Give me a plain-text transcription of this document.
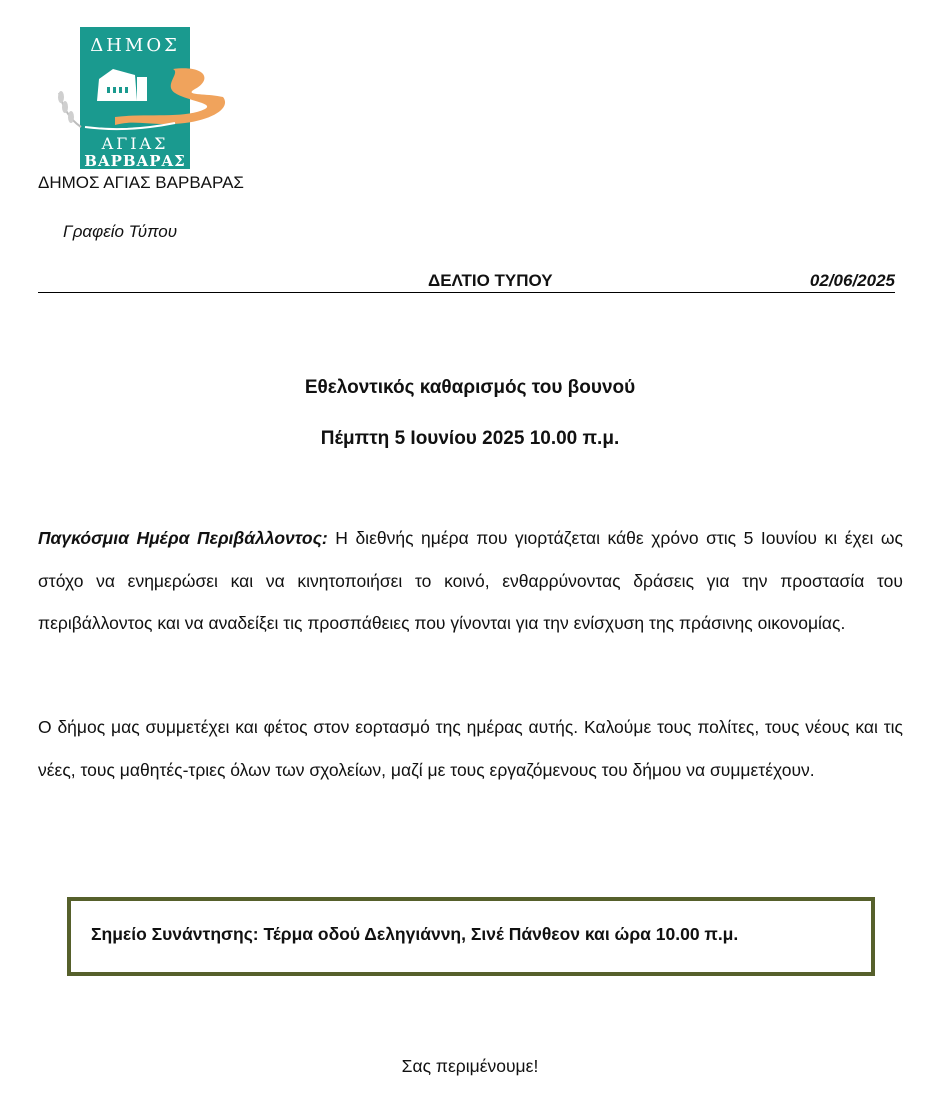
ΔΗΜΟΣ
ΑΓΙΑΣ
ΒΑΡΒΑΡΑΣ
ΔΗΜΟΣ ΑΓΙΑΣ ΒΑΡΒΑΡΑΣ
Γραφείο Τύπου
ΔΕΛΤΙΟ ΤΥΠΟΥ	02/06/2025
Εθελοντικός καθαρισμός του βουνού
Πέμπτη 5 Ιουνίου 2025 10.00 π.μ.

Παγκόσμια Ημέρα Περιβάλλοντος: Η διεθνής ημέρα που γιορτάζεται κάθε χρόνο στις 5 Ιουνίου κι έχει ως στόχο να ενημερώσει και να κινητοποιήσει το κοινό, ενθαρρύνοντας δράσεις για την προστασία του περιβάλλοντος και να αναδείξει τις προσπάθειες που γίνονται για την ενίσχυση της πράσινης οικονομίας.

Ο δήμος μας συμμετέχει και φέτος στον εορτασμό της ημέρας αυτής. Καλούμε τους πολίτες, τους νέους και τις νέες, τους μαθητές-τριες όλων των σχολείων, μαζί με τους εργαζόμενους του δήμου να συμμετέχουν.

Σημείο Συνάντησης: Τέρμα οδού Δεληγιάννη, Σινέ Πάνθεον και ώρα 10.00 π.μ.
Σας περιμένουμε!
